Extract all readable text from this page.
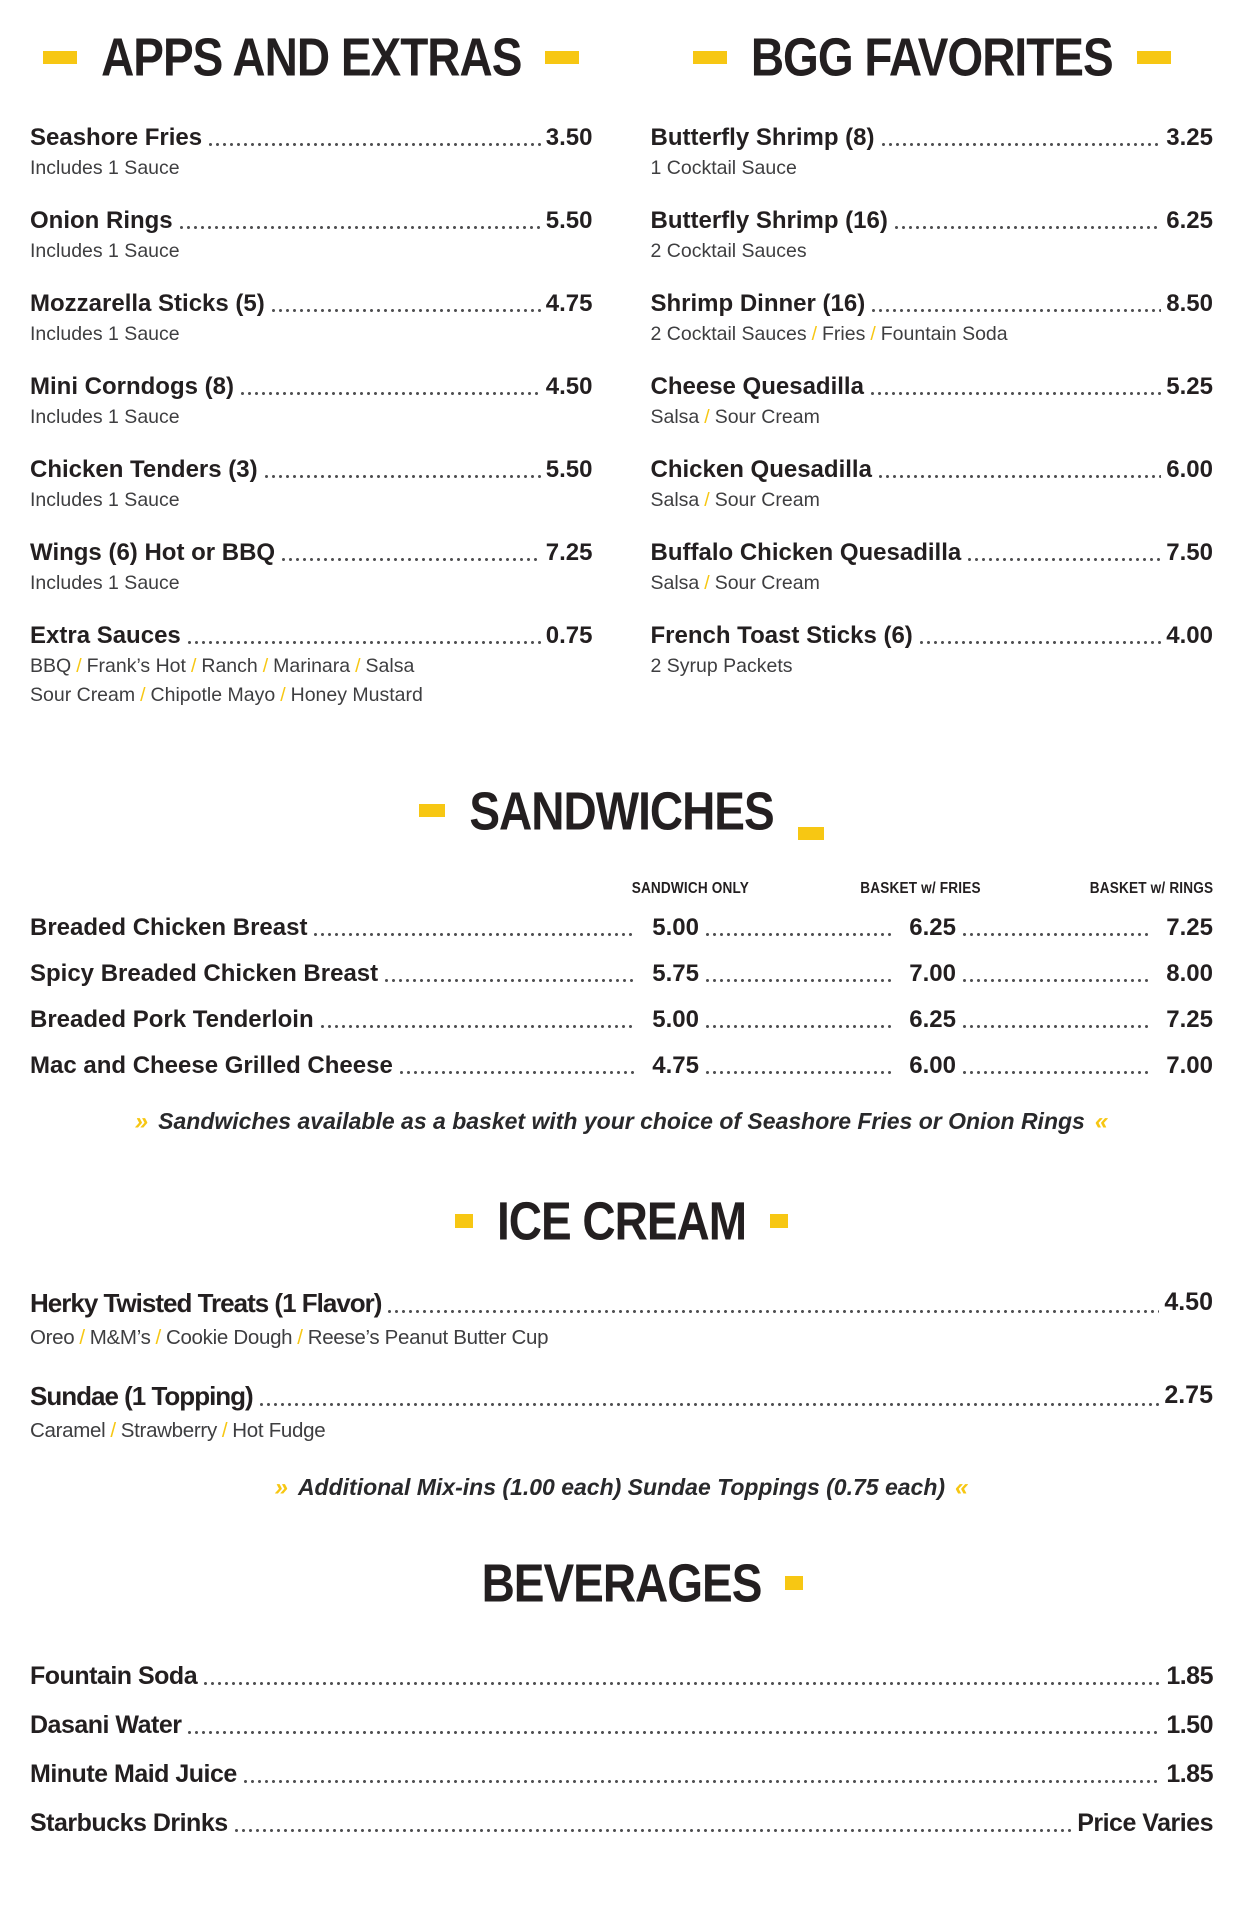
APPS AND EXTRAS
Seashore Fries	3.50
Includes 1 Sauce
Onion Rings	5.50
Includes 1 Sauce
Mozzarella Sticks (5)	4.75
Includes 1 Sauce
Mini Corndogs (8)	4.50
Includes 1 Sauce
Chicken Tenders (3)	5.50
Includes 1 Sauce
Wings (6) Hot or BBQ	7.25
Includes 1 Sauce
Extra Sauces	0.75
BBQ / Frank’s Hot / Ranch / Marinara / Salsa
Sour Cream / Chipotle Mayo / Honey Mustard
BGG FAVORITES
Butterfly Shrimp (8)	3.25
1 Cocktail Sauce
Butterfly Shrimp (16)	6.25
2 Cocktail Sauces
Shrimp Dinner (16)	8.50
2 Cocktail Sauces / Fries / Fountain Soda
Cheese Quesadilla	5.25
Salsa / Sour Cream
Chicken Quesadilla	6.00
Salsa / Sour Cream
Buffalo Chicken Quesadilla	7.50
Salsa / Sour Cream
French Toast Sticks (6)	4.00
2 Syrup Packets
SANDWICHES
SANDWICH ONLY	BASKET w/ FRIES	BASKET w/ RINGS
Breaded Chicken Breast	5.00	6.25	7.25
Spicy Breaded Chicken Breast	5.75	7.00	8.00
Breaded Pork Tenderloin	5.00	6.25	7.25
Mac and Cheese Grilled Cheese	4.75	6.00	7.00
» Sandwiches available as a basket with your choice of Seashore Fries or Onion Rings «
ICE CREAM
Herky Twisted Treats (1 Flavor)	4.50
Oreo / M&M’s / Cookie Dough / Reese’s Peanut Butter Cup
Sundae (1 Topping)	2.75
Caramel / Strawberry / Hot Fudge
» Additional Mix-ins (1.00 each) Sundae Toppings (0.75 each) «
BEVERAGES
Fountain Soda	1.85
Dasani Water	1.50
Minute Maid Juice	1.85
Starbucks Drinks	Price Varies
